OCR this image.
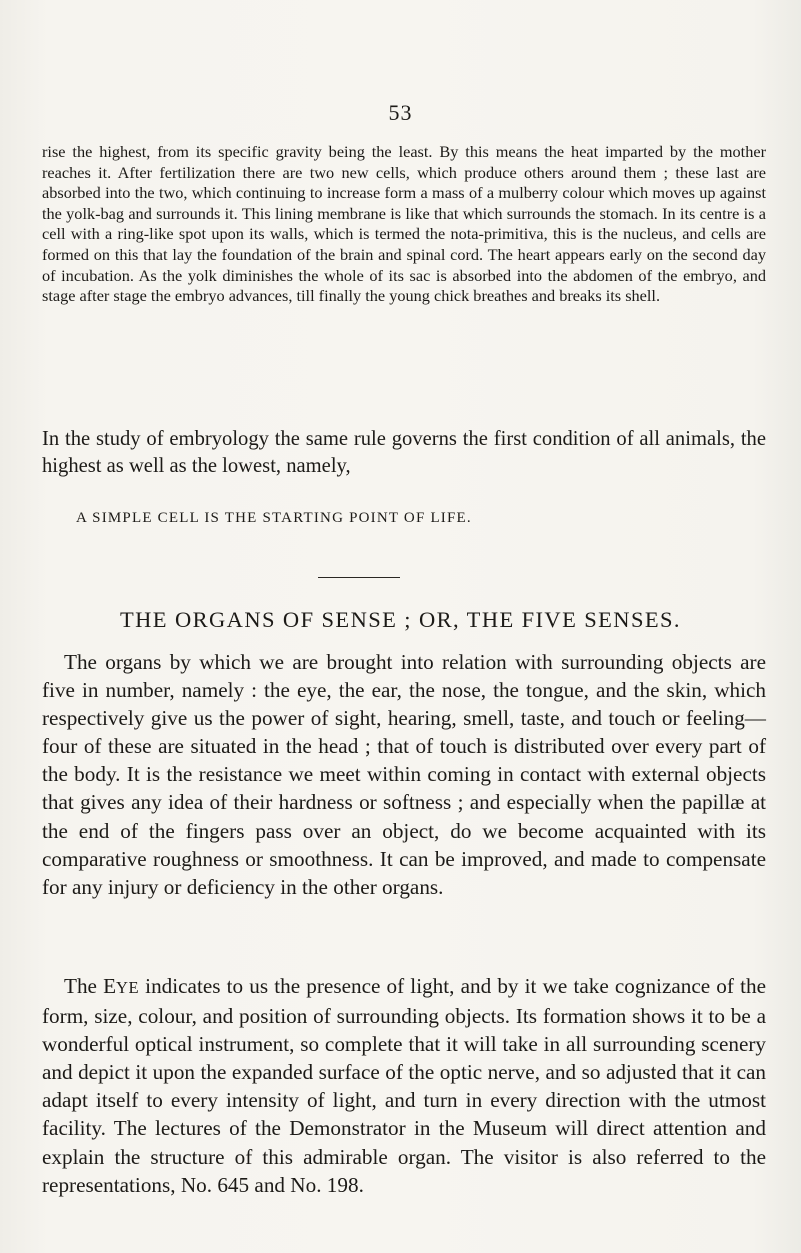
53

rise the highest, from its specific gravity being the least. By this means the heat imparted by the mother reaches it. After fertilization there are two new cells, which produce others around them ; these last are absorbed into the two, which continuing to increase form a mass of a mulberry colour which moves up against the yolk-bag and surrounds it. This lining membrane is like that which surrounds the stomach. In its centre is a cell with a ring-like spot upon its walls, which is termed the nota-primitiva, this is the nucleus, and cells are formed on this that lay the foundation of the brain and spinal cord. The heart appears early on the second day of incubation. As the yolk diminishes the whole of its sac is absorbed into the abdomen of the embryo, and stage after stage the embryo advances, till finally the young chick breathes and breaks its shell.

In the study of embryology the same rule governs the first condition of all animals, the highest as well as the lowest, namely,

A SIMPLE CELL IS THE STARTING POINT OF LIFE.
THE ORGANS OF SENSE ; OR, THE FIVE SENSES.

The organs by which we are brought into relation with surrounding objects are five in number, namely : the eye, the ear, the nose, the tongue, and the skin, which respectively give us the power of sight, hearing, smell, taste, and touch or feeling—four of these are situated in the head ; that of touch is distributed over every part of the body. It is the resistance we meet within coming in contact with external objects that gives any idea of their hardness or softness ; and especially when the papillæ at the end of the fingers pass over an object, do we become acquainted with its comparative roughness or smoothness. It can be improved, and made to compensate for any injury or deficiency in the other organs.

The EYE indicates to us the presence of light, and by it we take cognizance of the form, size, colour, and position of surrounding objects. Its formation shows it to be a wonderful optical instrument, so complete that it will take in all surrounding scenery and depict it upon the expanded surface of the optic nerve, and so adjusted that it can adapt itself to every intensity of light, and turn in every direction with the utmost facility. The lectures of the Demonstrator in the Museum will direct attention and explain the structure of this admirable organ. The visitor is also referred to the representations, No. 645 and No. 198.
